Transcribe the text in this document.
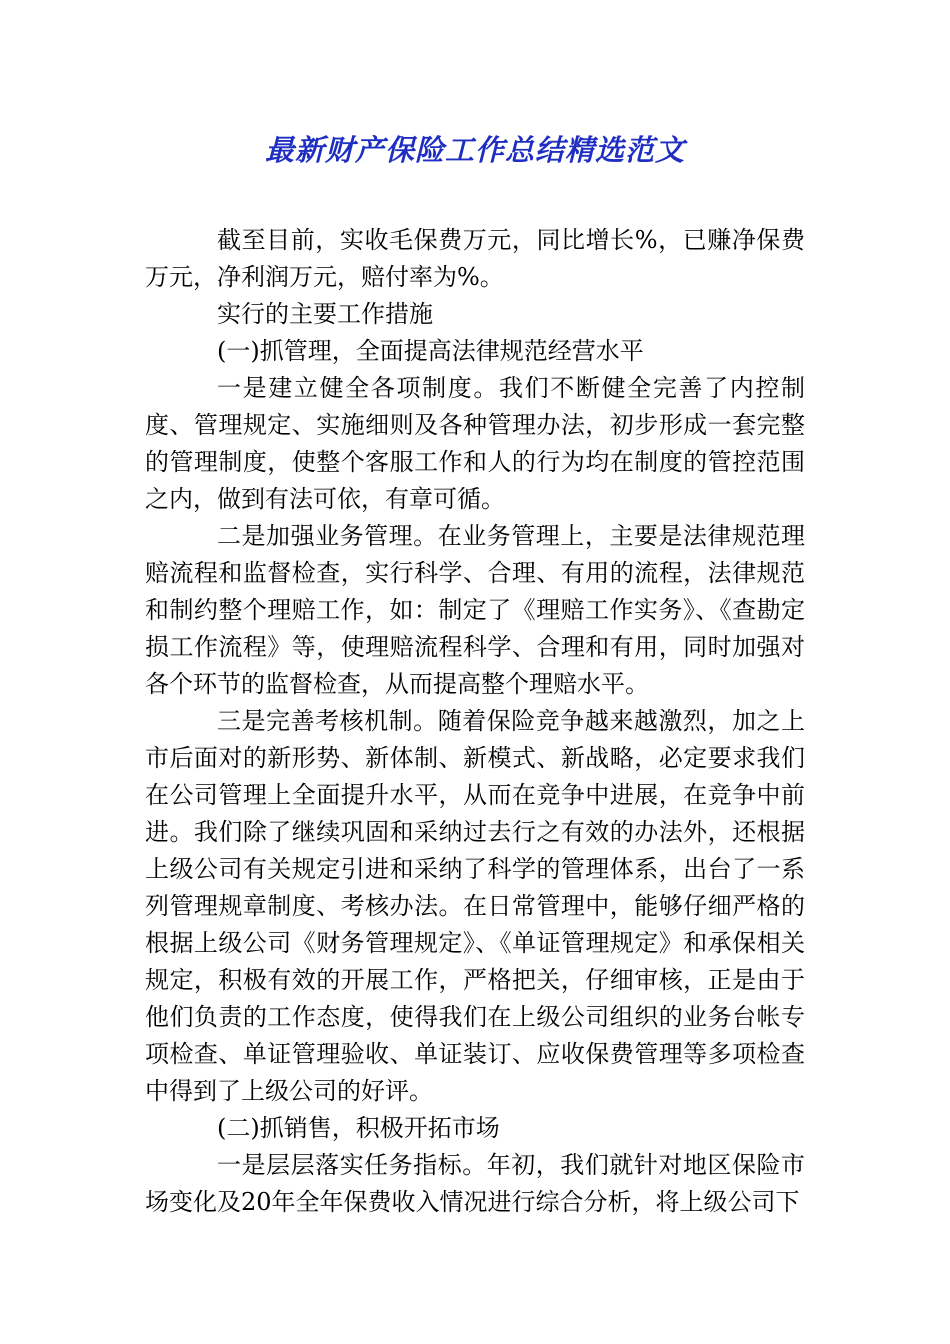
最新财产保险工作总结精选范文

截至目前，实收毛保费万元，同比增长%，已赚净保费万元，净利润万元，赔付率为%。

实行的主要工作措施

(一)抓管理，全面提高法律规范经营水平

一是建立健全各项制度。我们不断健全完善了内控制度、管理规定、实施细则及各种管理办法，初步形成一套完整的管理制度，使整个客服工作和人的行为均在制度的管控范围之内，做到有法可依，有章可循。

二是加强业务管理。在业务管理上，主要是法律规范理赔流程和监督检查，实行科学、合理、有用的流程，法律规范和制约整个理赔工作，如：制定了《理赔工作实务》、《查勘定损工作流程》等，使理赔流程科学、合理和有用，同时加强对各个环节的监督检查，从而提高整个理赔水平。

三是完善考核机制。随着保险竞争越来越激烈，加之上市后面对的新形势、新体制、新模式、新战略，必定要求我们在公司管理上全面提升水平，从而在竞争中进展，在竞争中前进。我们除了继续巩固和采纳过去行之有效的办法外，还根据上级公司有关规定引进和采纳了科学的管理体系，出台了一系列管理规章制度、考核办法。在日常管理中，能够仔细严格的根据上级公司《财务管理规定》、《单证管理规定》和承保相关规定，积极有效的开展工作，严格把关，仔细审核，正是由于他们负责的工作态度，使得我们在上级公司组织的业务台帐专项检查、单证管理验收、单证装订、应收保费管理等多项检查中得到了上级公司的好评。

(二)抓销售，积极开拓市场

一是层层落实任务指标。年初，我们就针对地区保险市场变化及20年全年保费收入情况进行综合分析，将上级公司下
